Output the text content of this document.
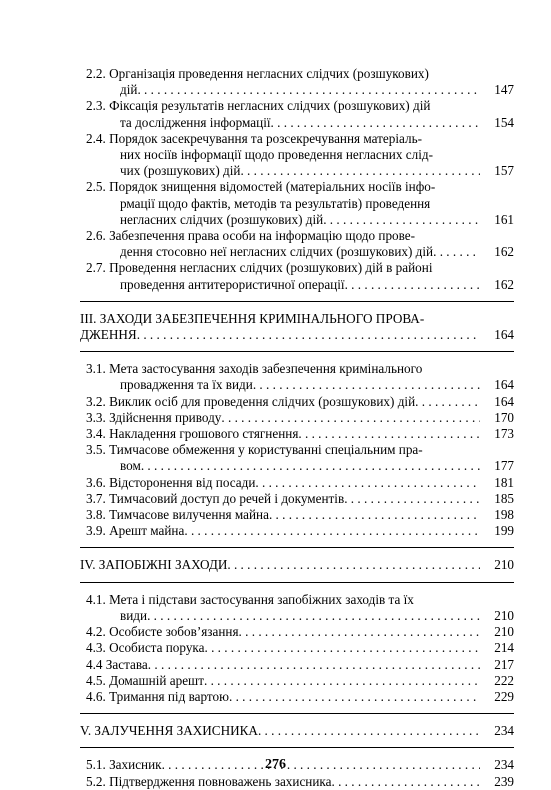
2.2. Організація проведення негласних слідчих (розшукових)
дій . . .	147
2.3. Фіксація результатів негласних слідчих (розшукових) дій
та дослідження інформації . . .	154
2.4. Порядок засекречування та розсекречування матеріаль-
них носіїв інформації щодо проведення негласних слід-
чих (розшукових) дій . . .	157
2.5. Порядок знищення відомостей (матеріальних носіїв інфо-
рмації щодо фактів, методів та результатів) проведення
негласних слідчих (розшукових) дій . . .	161
2.6. Забезпечення права особи на інформацію щодо прове-
дення стосовно неї негласних слідчих (розшукових) дій . . .	162
2.7. Проведення негласних слідчих (розшукових) дій в районі
проведення антитерористичної операції . . .	162
ІІІ. ЗАХОДИ ЗАБЕЗПЕЧЕННЯ КРИМІНАЛЬНОГО ПРОВА-
ДЖЕННЯ . . .	164
3.1. Мета застосування заходів забезпечення кримінального
провадження та їх види . . .	164
3.2. Виклик осіб для проведення слідчих (розшукових) дій . . .	164
3.3. Здійснення приводу . . .	170
3.4. Накладення грошового стягнення . . .	173
3.5. Тимчасове обмеження у користуванні спеціальним пра-
вом . . .	177
3.6. Відсторонення від посади . . .	181
3.7. Тимчасовий доступ до речей і документів . . .	185
3.8. Тимчасове вилучення майна . . .	198
3.9. Арешт майна . . .	199
IV. ЗАПОБІЖНІ ЗАХОДИ . . .	210
4.1. Мета і підстави застосування запобіжних заходів та їх
види . . .	210
4.2. Особисте зобов’язання . . .	210
4.3. Особиста порука . . .	214
4.4 Застава . . .	217
4.5. Домашній арешт . . .	222
4.6. Тримання під вартою . . .	229
V. ЗАЛУЧЕННЯ ЗАХИСНИКА . . .	234
5.1. Захисник . . .	234
5.2. Підтвердження повноважень захисника . . .	239
276
